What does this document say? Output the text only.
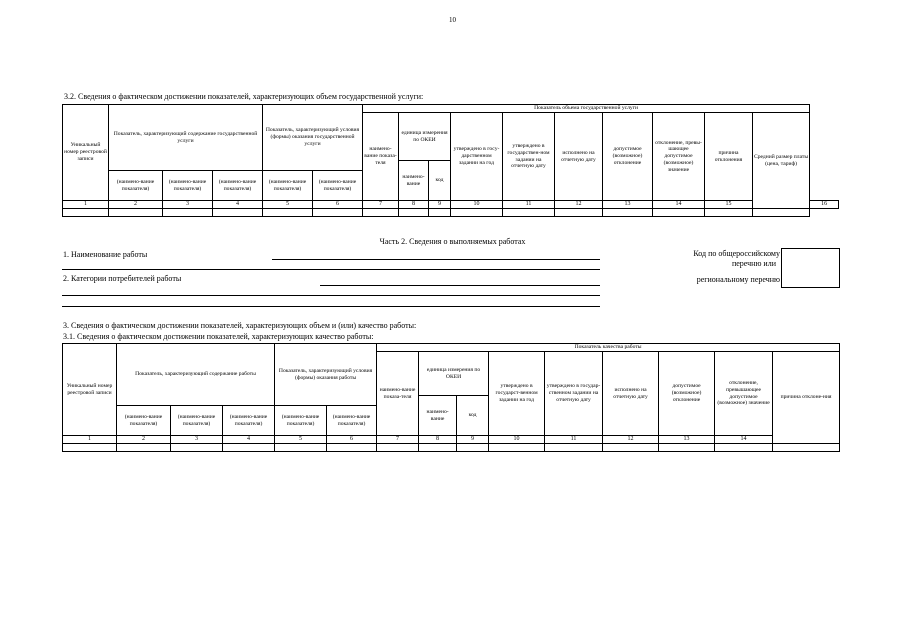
10
3.2. Сведения о фактическом достижении показателей, характеризующих объем государственной услуги:
Уникальный номер реестровой записи	Показатель, характеризующий содержание государственной услуги			Показатель, характеризующий условия (формы) оказания государственной услуги		Показатель объема государственной услуги										
						наимено-вание показа-теля	единица измерения по ОКЕИ		утверждено в госу-дарственном задании на год	утверждено в государствен-ном задании на отчетную дату	исполнено на отчетную дату	допустимое (возможное) отклонение	отклонение, превы-шающее допустимое (возможное) значение	причина отклонения	Средний размер платы (цена, тариф)	
							наимено-вание	код								
	(наимено-вание показателя)	(наимено-вание показателя)	(наимено-вание показателя)	(наимено-вание показателя)	(наимено-вание показателя)											
1	2	3	4	5	6	7	8	9	10	11	12	13	14	15		16

Часть 2. Сведения о выполняемых работах
1. Наименование работы
2. Категории потребителей работы
Код по общероссийскому
перечню или
региональному перечню
3. Сведения о фактическом достижении показателей, характеризующих объем и (или) качество работы:
3.1. Сведения о фактическом достижении показателей, характеризующих качество работы:
Уникальный номер реестровой записи	Показатель, характеризующий содержание работы			Показатель, характеризующий условия (формы) оказания работы		Показатель качества работы									
						наимено-вание показа-теля	единица измерения по ОКЕИ		утверждено в государст-венном задании на год	утверждено в государ-ственном задании на отчетную дату	исполнено на отчетную дату	допустимое (возможное) отклонение	отклонение, превышающее допустимое (возможное) значение	причина отклоне-ния	
							наимено-вание	код							
	(наимено-вание показателя)	(наимено-вание показателя)	(наимено-вание показателя)	(наимено-вание показателя)	(наимено-вание показателя)										
1	2	3	4	5	6	7	8	9	10	11	12	13	14	
